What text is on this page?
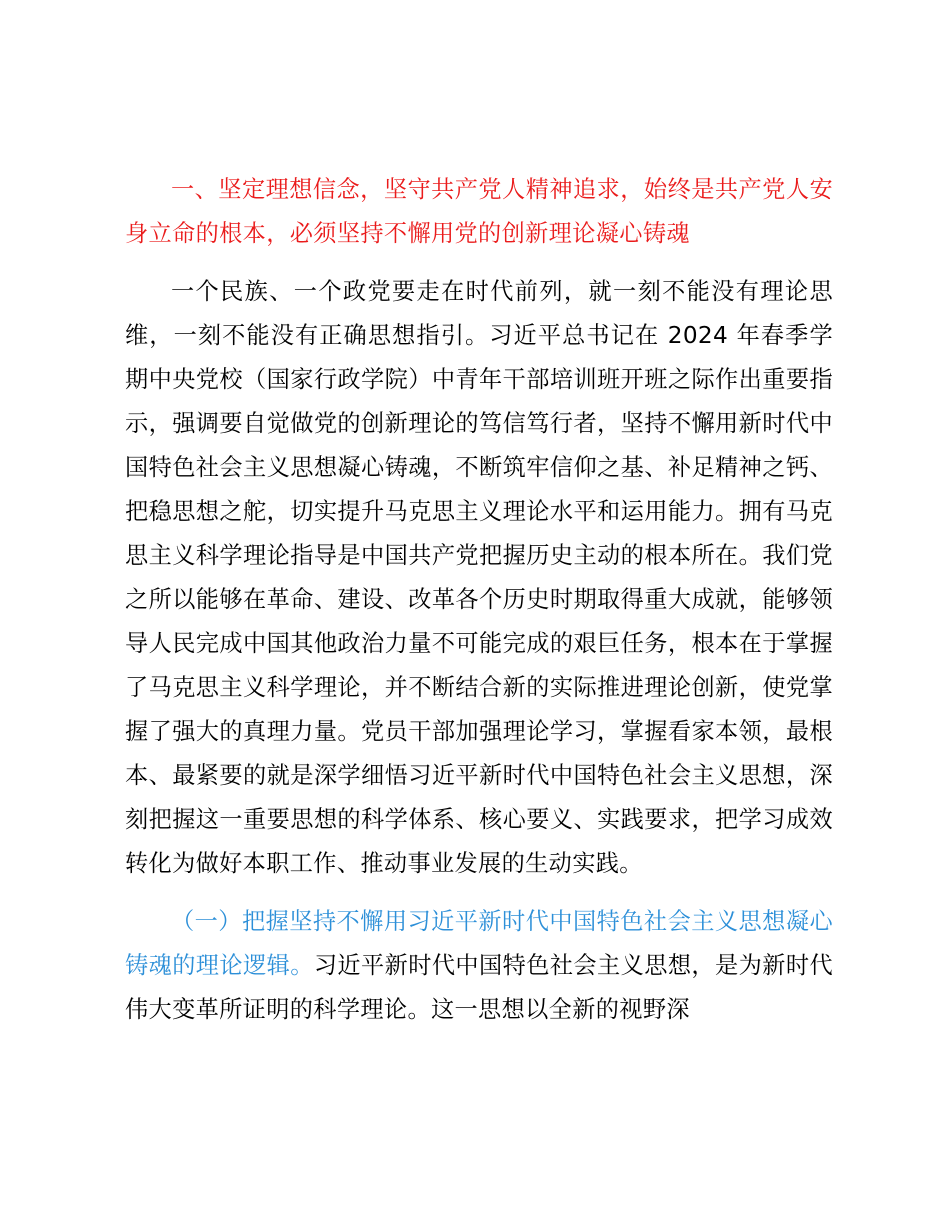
一、坚定理想信念，坚守共产党人精神追求，始终是共产党人安身立命的根本，必须坚持不懈用党的创新理论凝心铸魂

一个民族、一个政党要走在时代前列，就一刻不能没有理论思维，一刻不能没有正确思想指引。习近平总书记在 2024 年春季学期中央党校（国家行政学院）中青年干部培训班开班之际作出重要指示，强调要自觉做党的创新理论的笃信笃行者，坚持不懈用新时代中国特色社会主义思想凝心铸魂，不断筑牢信仰之基、补足精神之钙、把稳思想之舵，切实提升马克思主义理论水平和运用能力。拥有马克思主义科学理论指导是中国共产党把握历史主动的根本所在。我们党之所以能够在革命、建设、改革各个历史时期取得重大成就，能够领导人民完成中国其他政治力量不可能完成的艰巨任务，根本在于掌握了马克思主义科学理论，并不断结合新的实际推进理论创新，使党掌握了强大的真理力量。党员干部加强理论学习，掌握看家本领，最根本、最紧要的就是深学细悟习近平新时代中国特色社会主义思想，深刻把握这一重要思想的科学体系、核心要义、实践要求，把学习成效转化为做好本职工作、推动事业发展的生动实践。

（一）把握坚持不懈用习近平新时代中国特色社会主义思想凝心铸魂的理论逻辑。习近平新时代中国特色社会主义思想，是为新时代伟大变革所证明的科学理论。这一思想以全新的视野深
